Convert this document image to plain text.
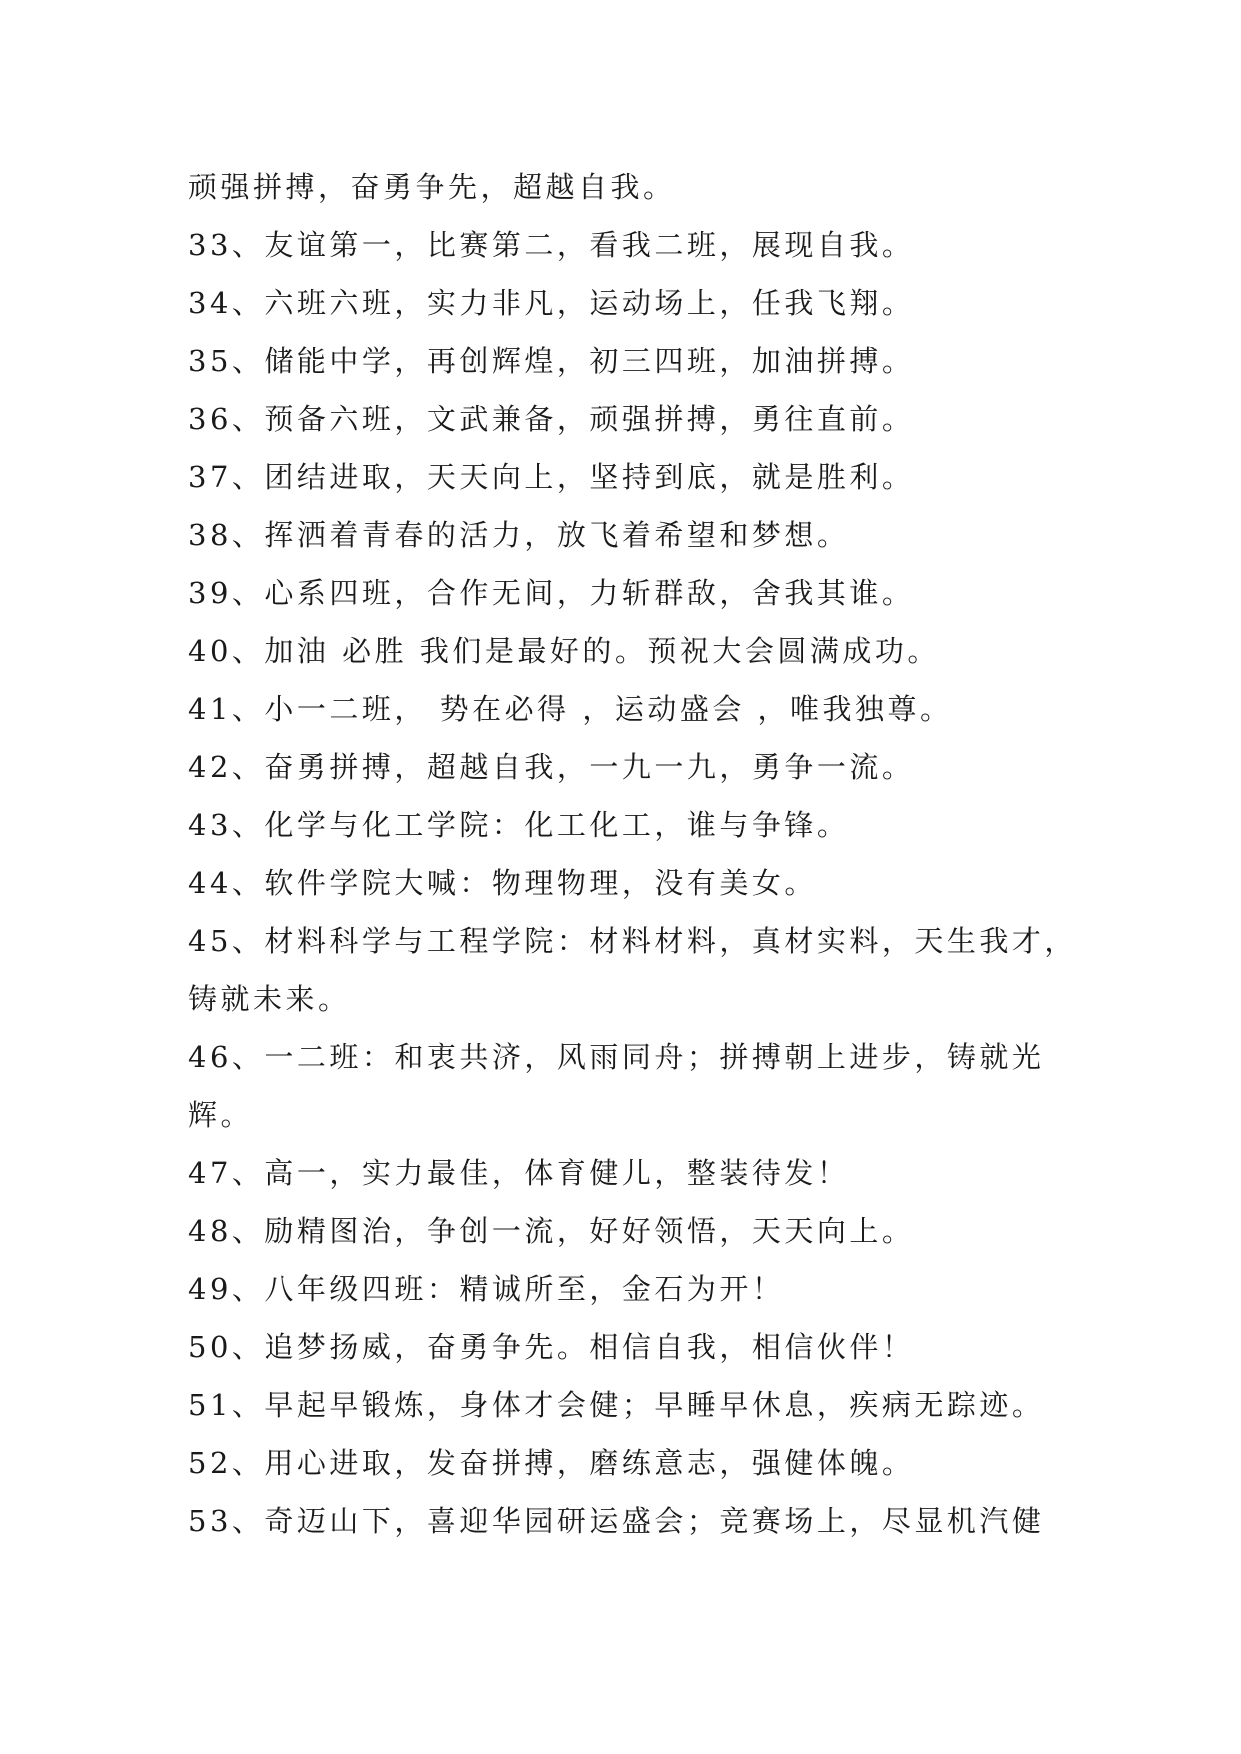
顽强拼搏，奋勇争先，超越自我。
33、友谊第一，比赛第二，看我二班，展现自我。
34、六班六班，实力非凡，运动场上，任我飞翔。
35、储能中学，再创辉煌，初三四班，加油拼搏。
36、预备六班，文武兼备，顽强拼搏，勇往直前。
37、团结进取，天天向上，坚持到底，就是胜利。
38、挥洒着青春的活力，放飞着希望和梦想。
39、心系四班，合作无间，力斩群敌，舍我其谁。
40、加油 必胜 我们是最好的。预祝大会圆满成功。
41、小一二班， 势在必得 ，运动盛会 ，唯我独尊。
42、奋勇拼搏，超越自我，一九一九，勇争一流。
43、化学与化工学院：化工化工，谁与争锋。
44、软件学院大喊：物理物理，没有美女。
45、材料科学与工程学院：材料材料，真材实料，天生我才，
铸就未来。
46、一二班：和衷共济，风雨同舟；拼搏朝上进步，铸就光
辉。
47、高一，实力最佳，体育健儿，整装待发！
48、励精图治，争创一流，好好领悟，天天向上。
49、八年级四班：精诚所至，金石为开！
50、追梦扬威，奋勇争先。相信自我，相信伙伴！
51、早起早锻炼，身体才会健；早睡早休息，疾病无踪迹。
52、用心进取，发奋拼搏，磨练意志，强健体魄。
53、奇迈山下，喜迎华园研运盛会；竞赛场上，尽显机汽健
